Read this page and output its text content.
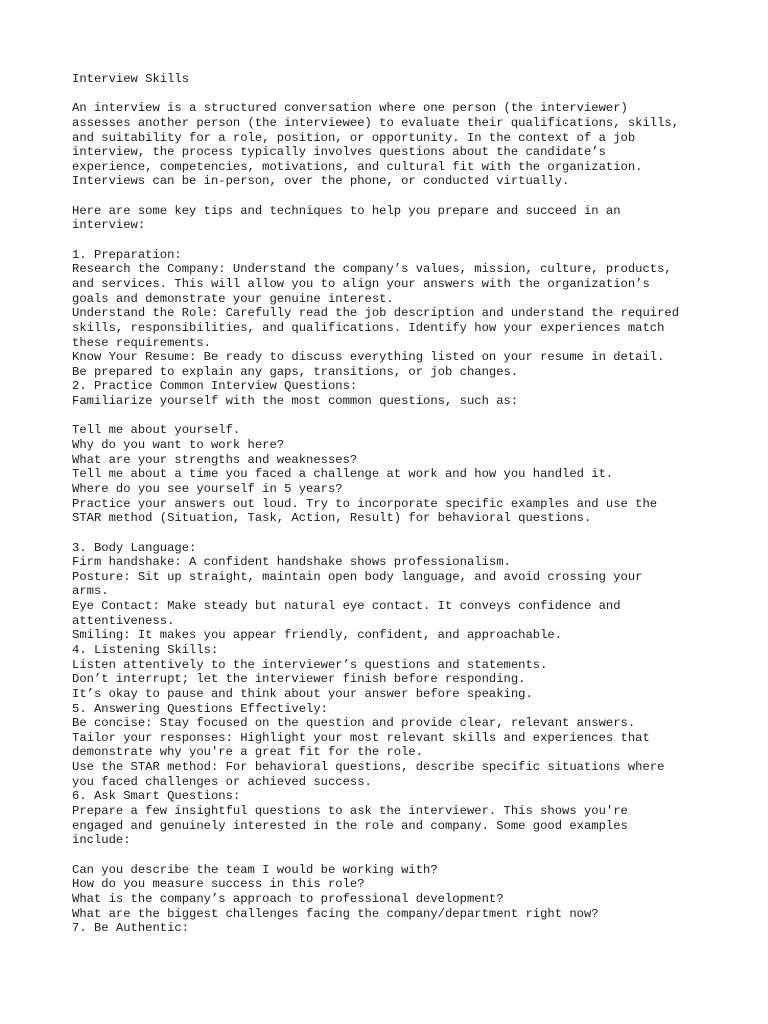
Interview Skills
An interview is a structured conversation where one person (the interviewer)
assesses another person (the interviewee) to evaluate their qualifications, skills,
and suitability for a role, position, or opportunity. In the context of a job
interview, the process typically involves questions about the candidate’s
experience, competencies, motivations, and cultural fit with the organization.
Interviews can be in-person, over the phone, or conducted virtually.
Here are some key tips and techniques to help you prepare and succeed in an
interview:
1. Preparation:
Research the Company: Understand the company’s values, mission, culture, products,
and services. This will allow you to align your answers with the organization’s
goals and demonstrate your genuine interest.
Understand the Role: Carefully read the job description and understand the required
skills, responsibilities, and qualifications. Identify how your experiences match
these requirements.
Know Your Resume: Be ready to discuss everything listed on your resume in detail.
Be prepared to explain any gaps, transitions, or job changes.
2. Practice Common Interview Questions:
Familiarize yourself with the most common questions, such as:
Tell me about yourself.
Why do you want to work here?
What are your strengths and weaknesses?
Tell me about a time you faced a challenge at work and how you handled it.
Where do you see yourself in 5 years?
Practice your answers out loud. Try to incorporate specific examples and use the
STAR method (Situation, Task, Action, Result) for behavioral questions.
3. Body Language:
Firm handshake: A confident handshake shows professionalism.
Posture: Sit up straight, maintain open body language, and avoid crossing your
arms.
Eye Contact: Make steady but natural eye contact. It conveys confidence and
attentiveness.
Smiling: It makes you appear friendly, confident, and approachable.
4. Listening Skills:
Listen attentively to the interviewer’s questions and statements.
Don’t interrupt; let the interviewer finish before responding.
It’s okay to pause and think about your answer before speaking.
5. Answering Questions Effectively:
Be concise: Stay focused on the question and provide clear, relevant answers.
Tailor your responses: Highlight your most relevant skills and experiences that
demonstrate why you're a great fit for the role.
Use the STAR method: For behavioral questions, describe specific situations where
you faced challenges or achieved success.
6. Ask Smart Questions:
Prepare a few insightful questions to ask the interviewer. This shows you're
engaged and genuinely interested in the role and company. Some good examples
include:
Can you describe the team I would be working with?
How do you measure success in this role?
What is the company’s approach to professional development?
What are the biggest challenges facing the company/department right now?
7. Be Authentic:
